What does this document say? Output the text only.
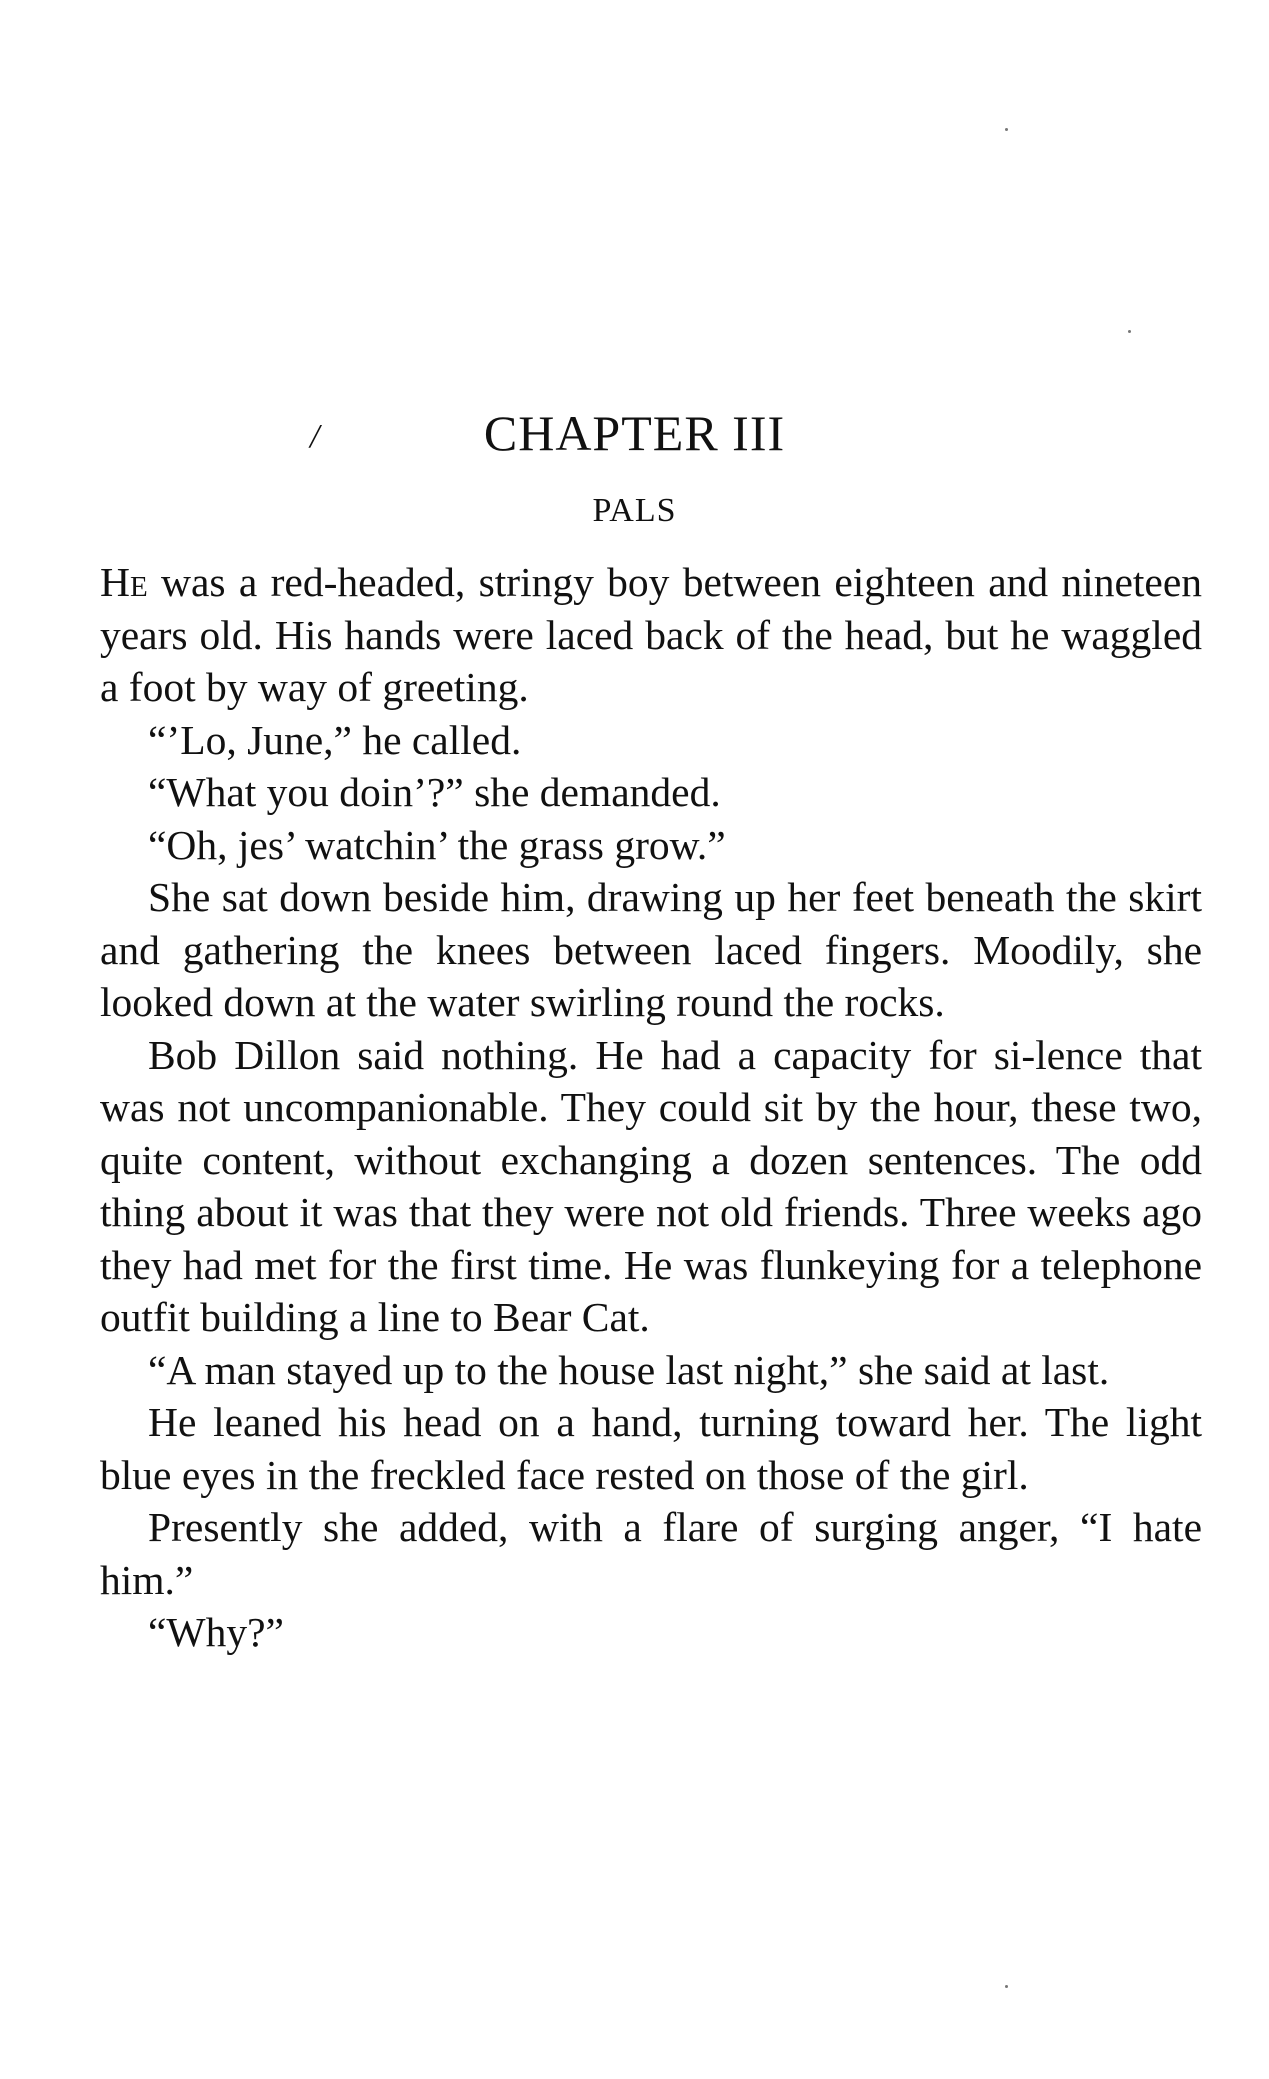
/	CHAPTER III
PALS

He was a red-headed, stringy boy between eighteen and nineteen years old. His hands were laced back of the head, but he waggled a foot by way of greeting.

“’Lo, June,” he called.

“What you doin’?” she demanded.

“Oh, jes’ watchin’ the grass grow.”

She sat down beside him, drawing up her feet beneath the skirt and gathering the knees between laced fingers. Moodily, she looked down at the water swirling round the rocks.

Bob Dillon said nothing. He had a capacity for si-lence that was not uncompanionable. They could sit by the hour, these two, quite content, without exchanging a dozen sentences. The odd thing about it was that they were not old friends. Three weeks ago they had met for the first time. He was flunkeying for a telephone outfit building a line to Bear Cat.

“A man stayed up to the house last night,” she said at last.

He leaned his head on a hand, turning toward her. The light blue eyes in the freckled face rested on those of the girl.

Presently she added, with a flare of surging anger, “I hate him.”

“Why?”
